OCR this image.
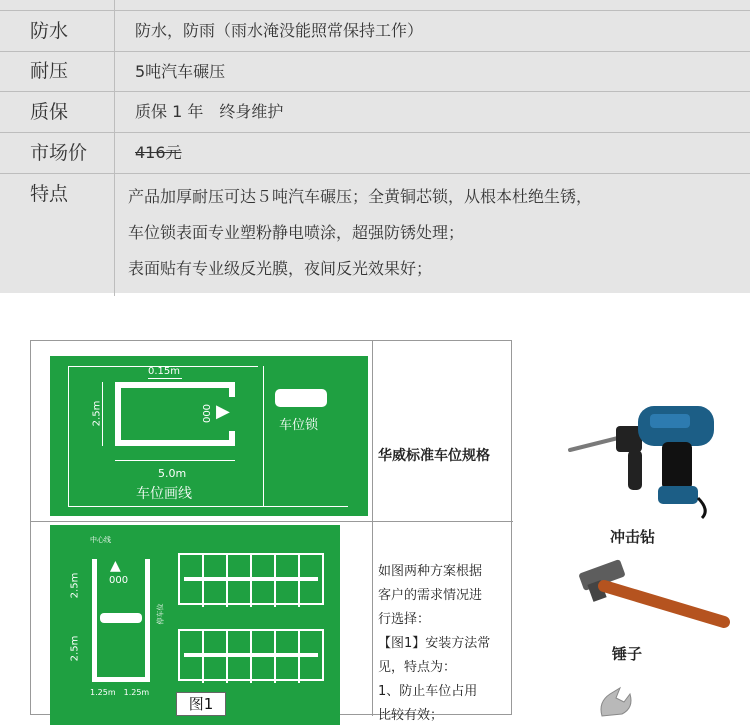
防水	防水，防雨（雨水淹没能照常保持工作）
耐压	5吨汽车碾压
质保	质保 1 年　终身维护
市场价	416元
特点	产品加厚耐压可达５吨汽车碾压；全黄铜芯锁，从根本杜绝生锈，
车位锁表面专业塑粉静电喷涂，超强防锈处理；
表面贴有专业级反光膜，夜间反光效果好；
▶
000
0.15m
2.5m
5.0m
车位画线
车位锁
华威标准车位规格
中心线
▲
000
2.5m
2.5m
停车位
1.25m　1.25m
图1
如图两种方案根据
客户的需求情况进
行选择：
【图1】安装方法常
见，特点为：
1、防止车位占用
比较有效；
冲击钻
锤子
